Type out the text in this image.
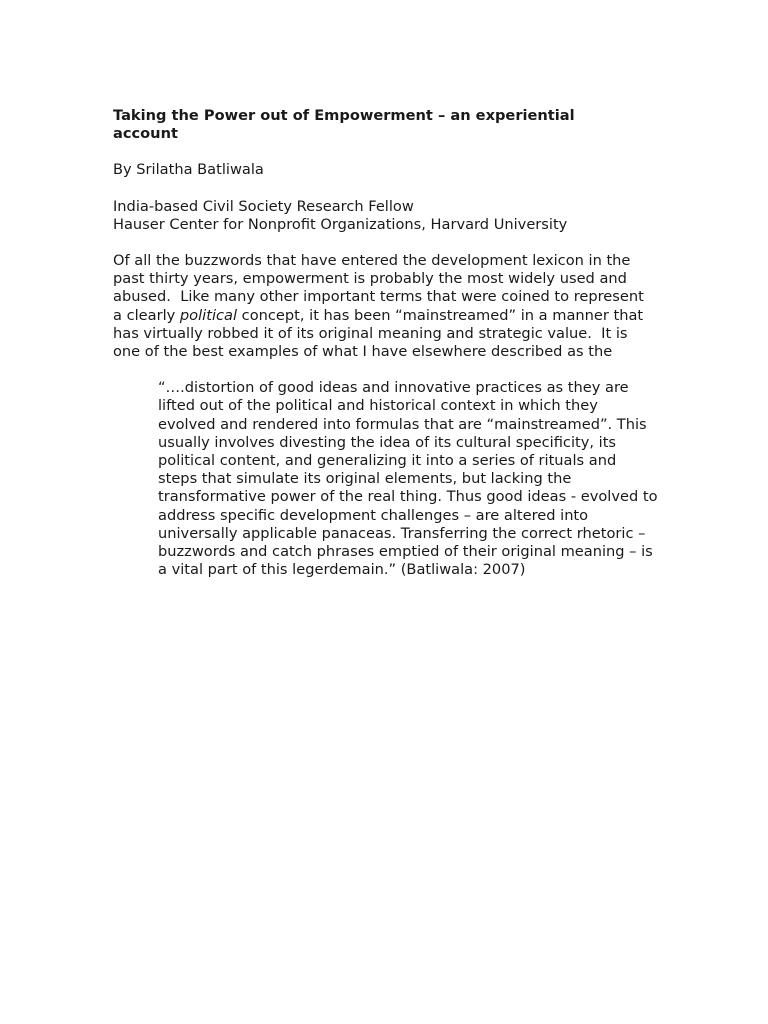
Taking the Power out of Empowerment – an experiential account

By Srilatha Batliwala

India-based Civil Society Research Fellow
Hauser Center for Nonprofit Organizations, Harvard University

Of all the buzzwords that have entered the development lexicon in the past thirty years, empowerment is probably the most widely used and abused.  Like many other important terms that were coined to represent a clearly political concept, it has been “mainstreamed” in a manner that has virtually robbed it of its original meaning and strategic value.  It is one of the best examples of what I have elsewhere described as the

“….distortion of good ideas and innovative practices as they are lifted out of the political and historical context in which they evolved and rendered into formulas that are “mainstreamed”. This usually involves divesting the idea of its cultural specificity, its political content, and generalizing it into a series of rituals and steps that simulate its original elements, but lacking the transformative power of the real thing. Thus good ideas - evolved to address specific development challenges – are altered into universally applicable panaceas. Transferring the correct rhetoric – buzzwords and catch phrases emptied of their original meaning – is a vital part of this legerdemain.” (Batliwala: 2007)
